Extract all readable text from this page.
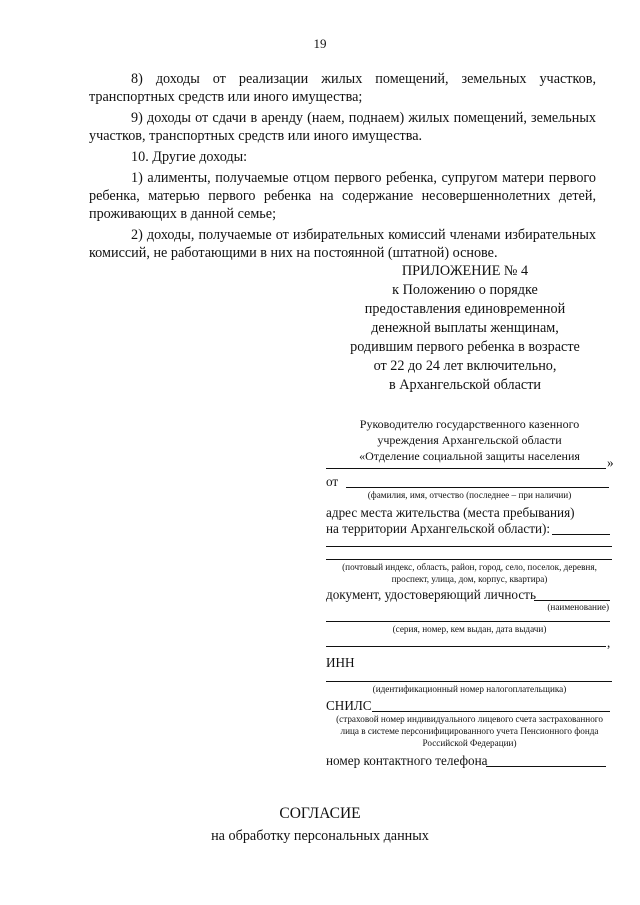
19

8) доходы от реализации жилых помещений, земельных участков, транспортных средств или иного имущества;

9) доходы от сдачи в аренду (наем, поднаем) жилых помещений, земельных участков, транспортных средств или иного имущества.

10. Другие доходы:

1) алименты, получаемые отцом первого ребенка, супругом матери первого ребенка, матерью первого ребенка на содержание несовершеннолетних детей, проживающих в данной семье;

2) доходы, получаемые от избирательных комиссий членами избирательных комиссий, не работающими в них на постоянной (штатной) основе.

ПРИЛОЖЕНИЕ № 4
к Положению о порядке
предоставления единовременной
денежной выплаты женщинам,
родившим первого ребенка в возрасте
от 22 до 24 лет включительно,
в Архангельской области
Руководителю государственного казенного
учреждения Архангельской области
«Отделение социальной защиты населения	»
от
(фамилия, имя, отчество (последнее – при наличии)
адрес места жительства (места пребывания)
на территории Архангельской области):
(почтовый индекс, область, район, город, село, поселок, деревня,
проспект, улица, дом, корпус, квартира)
документ, удостоверяющий личность
(наименование)
(серия, номер, кем выдан, дата выдачи)
,
ИНН
(идентификационный номер налогоплательщика)
СНИЛС
(страховой номер индивидуального лицевого счета застрахованного
лица в системе персонифицированного учета Пенсионного фонда
Российской Федерации)
номер контактного телефона
СОГЛАСИЕ
на обработку персональных данных
